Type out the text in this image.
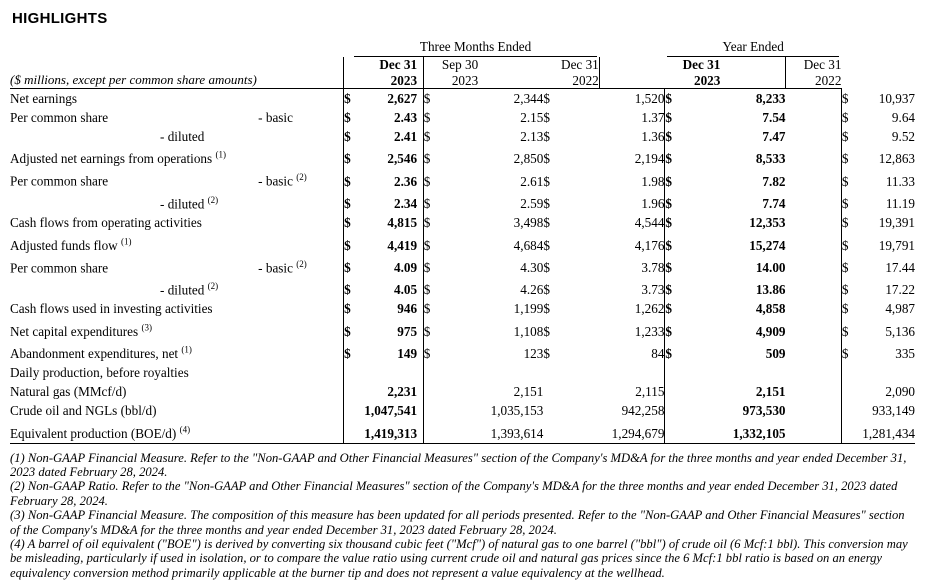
HIGHLIGHTS

		Three Months Ended						Year Ended				

		Dec 31		Sep 30		Dec 31		Dec 31		Dec 31		
($ millions, except per common share amounts)		2023		2023		2022		2023		2022		
Net earnings	$	2,627		$	2,344	$	1,520	$	8,233		$	10,937
Per common share - basic	$	2.43		$	2.15	$	1.37	$	7.54		$	9.64
- diluted	$	2.41		$	2.13	$	1.36	$	7.47		$	9.52
Adjusted net earnings from operations $^{(1)}$	$	2,546		$	2,850	$	2,194	$	8,533		$	12,863
Per common share - basic $^{(2)}$	$	2.36		$	2.61	$	1.98	$	7.82		$	11.33
- diluted $^{(2)}$	$	2.34		$	2.59	$	1.96	$	7.74		$	11.19
Cash flows from operating activities	$	4,815		$	3,498	$	4,544	$	12,353		$	19,391
Adjusted funds flow $^{(1)}$	$	4,419		$	4,684	$	4,176	$	15,274		$	19,791
Per common share - basic $^{(2)}$	$	4.09		$	4.30	$	3.78	$	14.00		$	17.44
- diluted $^{(2)}$	$	4.05		$	4.26	$	3.73	$	13.86		$	17.22
Cash flows used in investing activities	$	946		$	1,199	$	1,262	$	4,858		$	4,987
Net capital expenditures $^{(3)}$	$	975		$	1,108	$	1,233	$	4,909		$	5,136
Abandonment expenditures, net $^{(1)}$	$	149		$	123	$	84	$	509		$	335
Daily production, before royalties												
Natural gas (MMcf/d)		2,231			2,151		2,115		2,151			2,090
Crude oil and NGLs (bbl/d)		1,047,541			1,035,153		942,258		973,530			933,149
Equivalent production (BOE/d) $^{(4)}$		1,419,313			1,393,614		1,294,679		1,332,105			1,281,434

(1) Non-GAAP Financial Measure. Refer to the "Non-GAAP and Other Financial Measures" section of the Company's MD&A for the three months and year ended December 31, 2023 dated February 28, 2024.

(2) Non-GAAP Ratio. Refer to the "Non-GAAP and Other Financial Measures" section of the Company's MD&A for the three months and year ended December 31, 2023 dated February 28, 2024.

(3) Non-GAAP Financial Measure. The composition of this measure has been updated for all periods presented. Refer to the "Non-GAAP and Other Financial Measures" section of the Company's MD&A for the three months and year ended December 31, 2023 dated February 28, 2024.

(4) A barrel of oil equivalent ("BOE") is derived by converting six thousand cubic feet ("Mcf") of natural gas to one barrel ("bbl") of crude oil (6 Mcf:1 bbl). This conversion may be misleading, particularly if used in isolation, or to compare the value ratio using current crude oil and natural gas prices since the 6 Mcf:1 bbl ratio is based on an energy equivalency conversion method primarily applicable at the burner tip and does not represent a value equivalency at the wellhead.
